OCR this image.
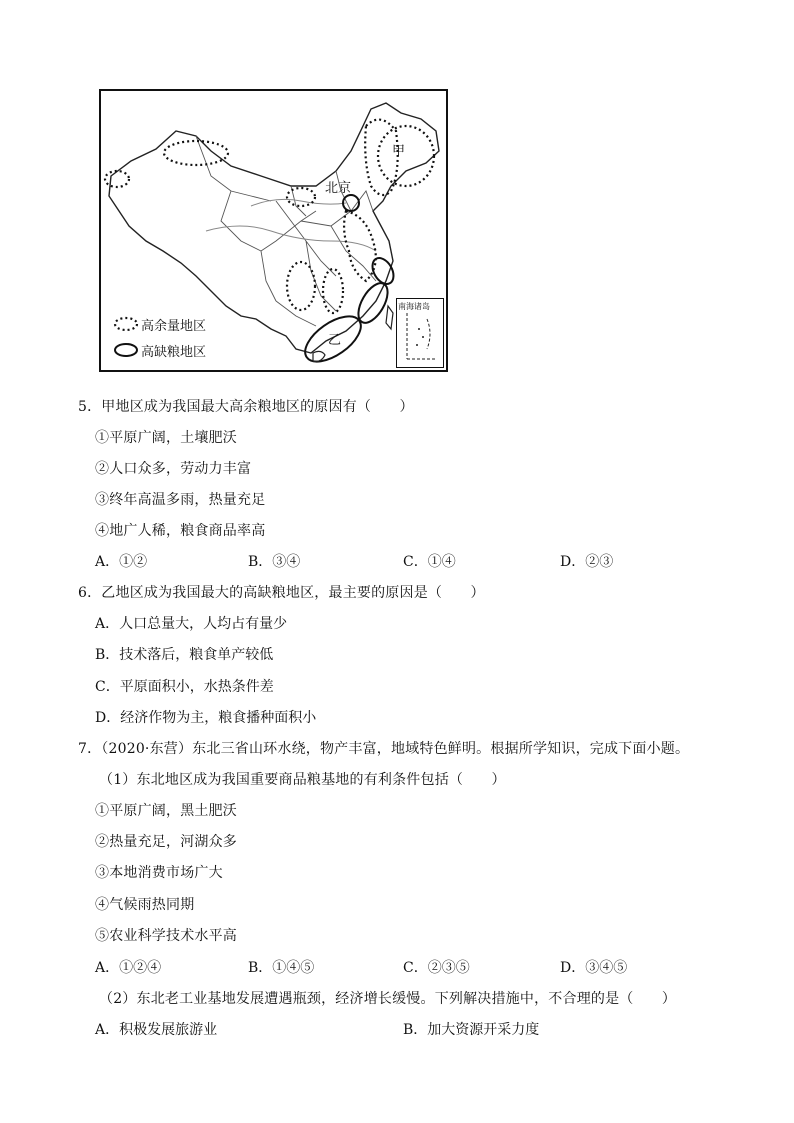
甲
北京
乙
高余量地区
高缺粮地区
南海诸岛
5．甲地区成为我国最大高余粮地区的原因有（　　）
①平原广阔，土壤肥沃
②人口众多，劳动力丰富
③终年高温多雨，热量充足
④地广人稀，粮食商品率高
A．①②	B．③④	C．①④	D．②③
6．乙地区成为我国最大的高缺粮地区，最主要的原因是（　　）
A．人口总量大，人均占有量少
B．技术落后，粮食单产较低
C．平原面积小，水热条件差
D．经济作物为主，粮食播种面积小
7．（2020·东营）东北三省山环水绕，物产丰富，地域特色鲜明。根据所学知识，完成下面小题。
（1）东北地区成为我国重要商品粮基地的有利条件包括（　　）
①平原广阔，黑土肥沃
②热量充足，河湖众多
③本地消费市场广大
④气候雨热同期
⑤农业科学技术水平高
A．①②④	B．①④⑤	C．②③⑤	D．③④⑤
（2）东北老工业基地发展遭遇瓶颈，经济增长缓慢。下列解决措施中，不合理的是（　　）
A．积极发展旅游业	B．加大资源开采力度
